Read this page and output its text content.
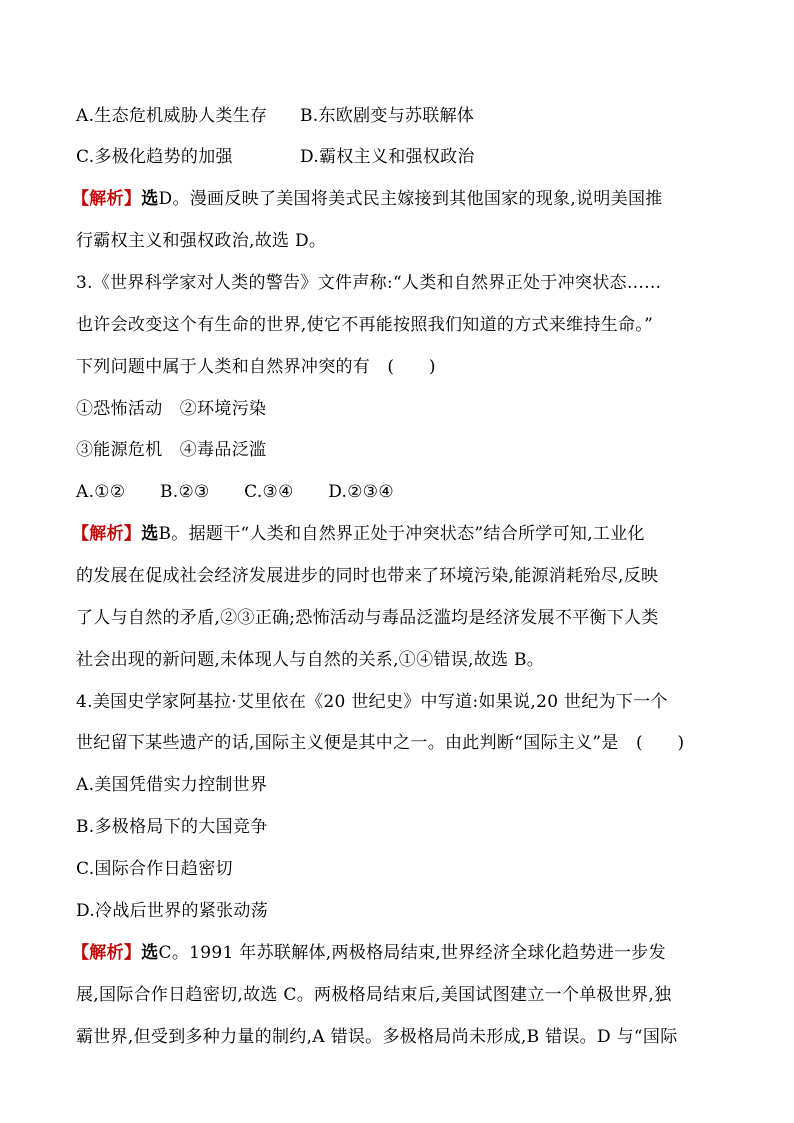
A.生态危机威胁人类生存 B.东欧剧变与苏联解体
C.多极化趋势的加强	D.霸权主义和强权政治
【解析】选D。漫画反映了美国将美式民主嫁接到其他国家的现象,说明美国推
行霸权主义和强权政治,故选 D。
3.《世界科学家对人类的警告》文件声称:“人类和自然界正处于冲突状态……
也许会改变这个有生命的世界,使它不再能按照我们知道的方式来维持生命。”
下列问题中属于人类和自然界冲突的有　(　　)
①恐怖活动　②环境污染
③能源危机　④毒品泛滥
A.①②　　B.②③　　C.③④　　D.②③④
【解析】选B。据题干“人类和自然界正处于冲突状态”结合所学可知,工业化
的发展在促成社会经济发展进步的同时也带来了环境污染,能源消耗殆尽,反映
了人与自然的矛盾,②③正确;恐怖活动与毒品泛滥均是经济发展不平衡下人类
社会出现的新问题,未体现人与自然的关系,①④错误,故选 B。
4.美国史学家阿基拉·艾里依在《20 世纪史》中写道:如果说,20 世纪为下一个
世纪留下某些遗产的话,国际主义便是其中之一。由此判断“国际主义”是　(　　)
A.美国凭借实力控制世界
B.多极格局下的大国竞争
C.国际合作日趋密切
D.冷战后世界的紧张动荡
【解析】选C。1991 年苏联解体,两极格局结束,世界经济全球化趋势进一步发
展,国际合作日趋密切,故选 C。两极格局结束后,美国试图建立一个单极世界,独
霸世界,但受到多种力量的制约,A 错误。多极格局尚未形成,B 错误。D 与“国际
